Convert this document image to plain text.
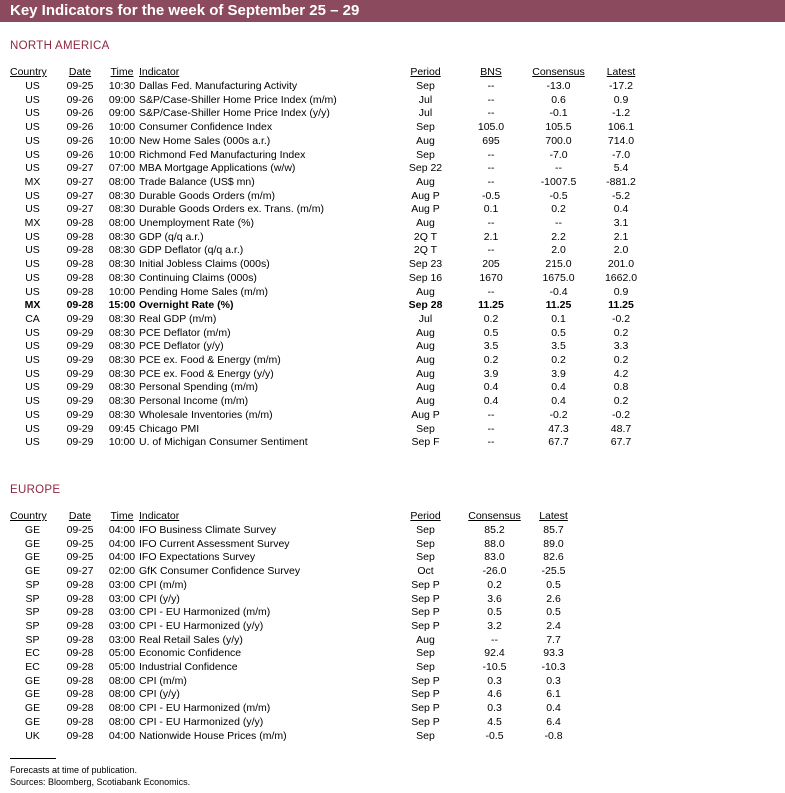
Key Indicators for the week of September 25 – 29
NORTH AMERICA
Country	Date	Time	Indicator	Period	BNS	Consensus	Latest
US	09-25	10:30	Dallas Fed. Manufacturing Activity	Sep	--	-13.0	-17.2
US	09-26	09:00	S&P/Case-Shiller Home Price Index (m/m)	Jul	--	0.6	0.9
US	09-26	09:00	S&P/Case-Shiller Home Price Index (y/y)	Jul	--	-0.1	-1.2
US	09-26	10:00	Consumer Confidence Index	Sep	105.0	105.5	106.1
US	09-26	10:00	New Home Sales (000s a.r.)	Aug	695	700.0	714.0
US	09-26	10:00	Richmond Fed Manufacturing Index	Sep	--	-7.0	-7.0
US	09-27	07:00	MBA Mortgage Applications (w/w)	Sep 22	--	--	5.4
MX	09-27	08:00	Trade Balance (US$ mn)	Aug	--	-1007.5	-881.2
US	09-27	08:30	Durable Goods Orders (m/m)	Aug P	-0.5	-0.5	-5.2
US	09-27	08:30	Durable Goods Orders ex. Trans. (m/m)	Aug P	0.1	0.2	0.4
MX	09-28	08:00	Unemployment Rate (%)	Aug	--	--	3.1
US	09-28	08:30	GDP (q/q a.r.)	2Q T	2.1	2.2	2.1
US	09-28	08:30	GDP Deflator (q/q a.r.)	2Q T	--	2.0	2.0
US	09-28	08:30	Initial Jobless Claims (000s)	Sep 23	205	215.0	201.0
US	09-28	08:30	Continuing Claims (000s)	Sep 16	1670	1675.0	1662.0
US	09-28	10:00	Pending Home Sales (m/m)	Aug	--	-0.4	0.9
MX	09-28	15:00	Overnight Rate (%)	Sep 28	11.25	11.25	11.25
CA	09-29	08:30	Real GDP (m/m)	Jul	0.2	0.1	-0.2
US	09-29	08:30	PCE Deflator (m/m)	Aug	0.5	0.5	0.2
US	09-29	08:30	PCE Deflator (y/y)	Aug	3.5	3.5	3.3
US	09-29	08:30	PCE ex. Food & Energy (m/m)	Aug	0.2	0.2	0.2
US	09-29	08:30	PCE ex. Food & Energy (y/y)	Aug	3.9	3.9	4.2
US	09-29	08:30	Personal Spending (m/m)	Aug	0.4	0.4	0.8
US	09-29	08:30	Personal Income (m/m)	Aug	0.4	0.4	0.2
US	09-29	08:30	Wholesale Inventories (m/m)	Aug P	--	-0.2	-0.2
US	09-29	09:45	Chicago PMI	Sep	--	47.3	48.7
US	09-29	10:00	U. of Michigan Consumer Sentiment	Sep F	--	67.7	67.7
EUROPE
Country	Date	Time	Indicator	Period	Consensus	Latest
GE	09-25	04:00	IFO Business Climate Survey	Sep	85.2	85.7
GE	09-25	04:00	IFO Current Assessment Survey	Sep	88.0	89.0
GE	09-25	04:00	IFO Expectations Survey	Sep	83.0	82.6
GE	09-27	02:00	GfK Consumer Confidence Survey	Oct	-26.0	-25.5
SP	09-28	03:00	CPI (m/m)	Sep P	0.2	0.5
SP	09-28	03:00	CPI (y/y)	Sep P	3.6	2.6
SP	09-28	03:00	CPI - EU Harmonized (m/m)	Sep P	0.5	0.5
SP	09-28	03:00	CPI - EU Harmonized (y/y)	Sep P	3.2	2.4
SP	09-28	03:00	Real Retail Sales (y/y)	Aug	--	7.7
EC	09-28	05:00	Economic Confidence	Sep	92.4	93.3
EC	09-28	05:00	Industrial Confidence	Sep	-10.5	-10.3
GE	09-28	08:00	CPI (m/m)	Sep P	0.3	0.3
GE	09-28	08:00	CPI (y/y)	Sep P	4.6	6.1
GE	09-28	08:00	CPI - EU Harmonized (m/m)	Sep P	0.3	0.4
GE	09-28	08:00	CPI - EU Harmonized (y/y)	Sep P	4.5	6.4
UK	09-28	04:00	Nationwide House Prices (m/m)	Sep	-0.5	-0.8
Forecasts at time of publication.
Sources: Bloomberg, Scotiabank Economics.
